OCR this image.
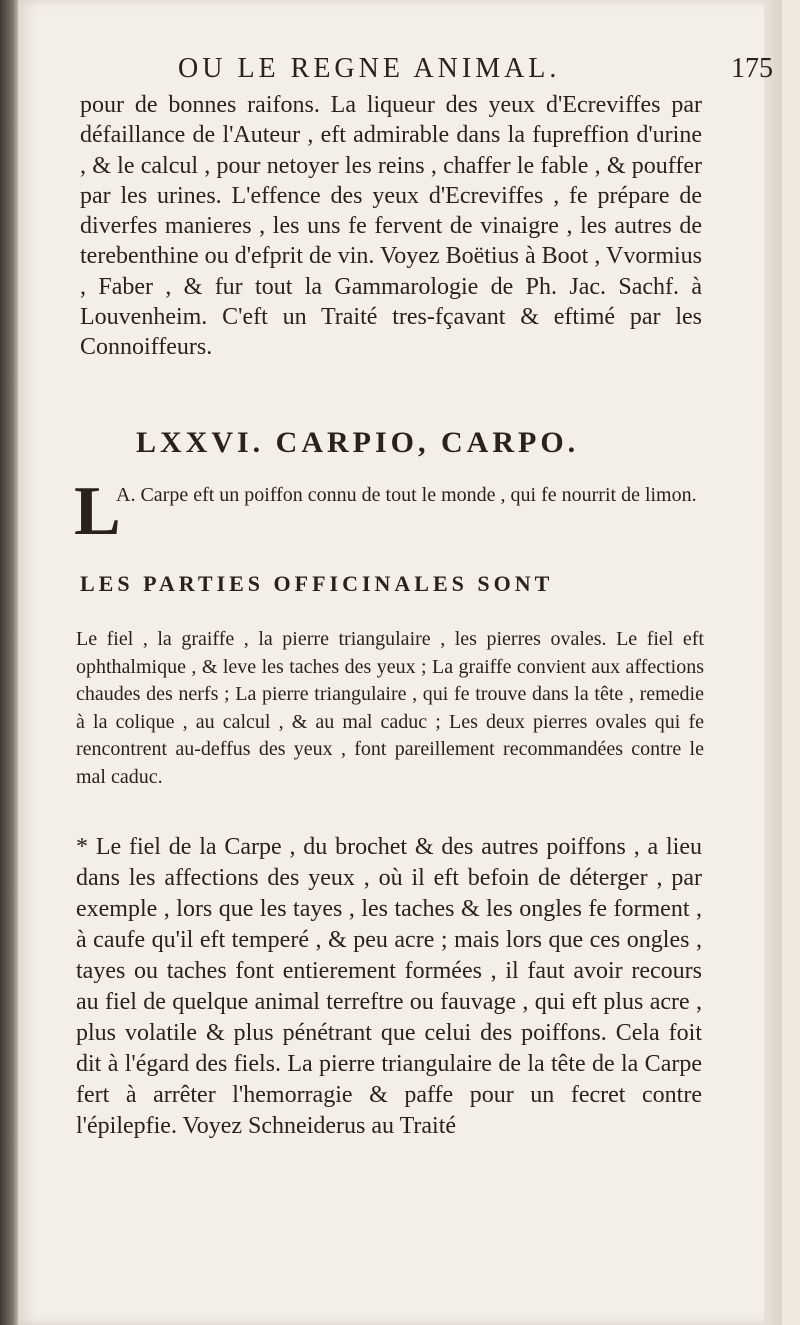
OU LE REGNE ANIMAL.	175
pour de bonnes raifons. La liqueur des yeux d'Ecreviffes par défaillance de l'Auteur , eft admirable dans la fupreffion d'urine , & le calcul , pour netoyer les reins , chaffer le fable , & pouffer par les urines. L'effence des yeux d'Ecreviffes , fe prépare de diverfes manieres , les uns fe fervent de vinaigre , les autres de terebenthine ou d'efprit de vin. Voyez Boëtius à Boot , Vvormius , Faber , & fur tout la Gammarologie de Ph. Jac. Sachf. à Louvenheim. C'eft un Traité tres-fçavant & eftimé par les Connoiffeurs.
LXXVI. CARPIO, CARPO.
L
A. Carpe eft un poiffon connu de tout le monde , qui fe nourrit de limon.
LES PARTIES OFFICINALES SONT
Le fiel , la graiffe , la pierre triangulaire , les pierres ovales. Le fiel eft ophthalmique , & leve les taches des yeux ; La graiffe convient aux affections chaudes des nerfs ; La pierre triangulaire , qui fe trouve dans la tête , remedie à la colique , au calcul , & au mal caduc ; Les deux pierres ovales qui fe rencontrent au-deffus des yeux , font pareillement recommandées contre le mal caduc.
* Le fiel de la Carpe , du brochet & des autres poiffons , a lieu dans les affections des yeux , où il eft befoin de déterger , par exemple , lors que les tayes , les taches & les ongles fe forment , à caufe qu'il eft temperé , & peu acre ; mais lors que ces ongles , tayes ou taches font entierement formées , il faut avoir recours au fiel de quelque animal terreftre ou fauvage , qui eft plus acre , plus volatile & plus pénétrant que celui des poiffons. Cela foit dit à l'égard des fiels. La pierre triangulaire de la tête de la Carpe fert à arrêter l'hemorragie & paffe pour un fecret contre l'épilepfie. Voyez Schneiderus au Traité
